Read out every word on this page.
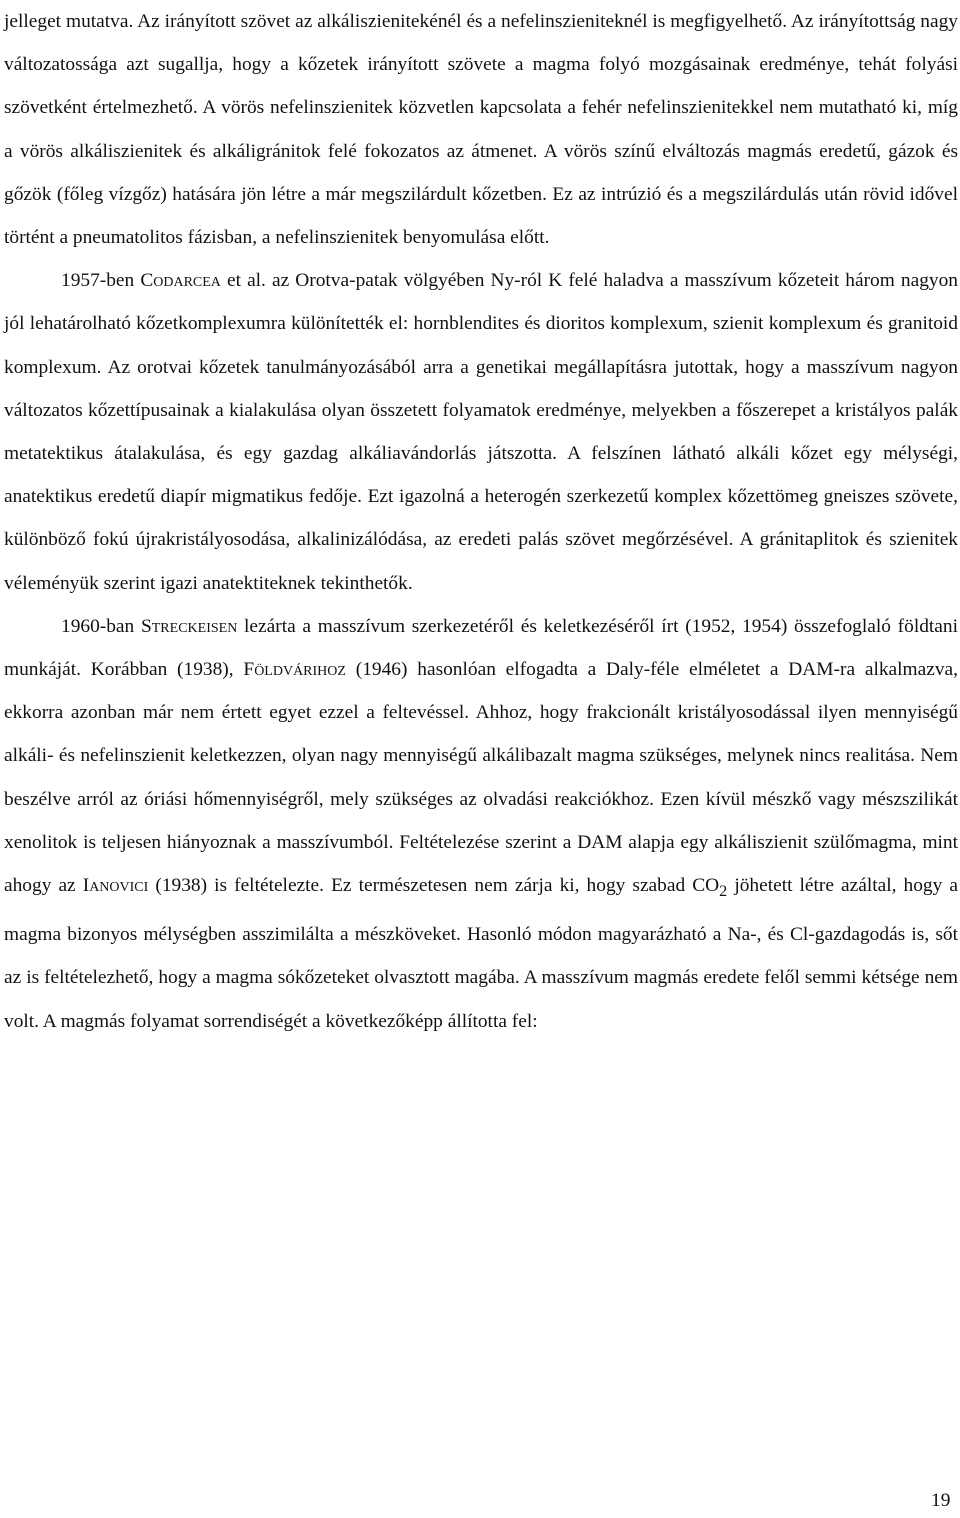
jelleget mutatva. Az irányított szövet az alkáliszienitekénél és a nefelinszieniteknél is megfigyelhető. Az irányítottság nagy változatossága azt sugallja, hogy a kőzetek irányított szövete a magma folyó mozgásainak eredménye, tehát folyási szövetként értelmezhető. A vörös nefelinszienitek közvetlen kapcsolata a fehér nefelinszienitekkel nem mutatható ki, míg a vörös alkáliszienitek és alkáligránitok felé fokozatos az átmenet. A vörös színű elváltozás magmás eredetű, gázok és gőzök (főleg vízgőz) hatására jön létre a már megszilárdult kőzetben. Ez az intrúzió és a megszilárdulás után rövid idővel történt a pneumatolitos fázisban, a nefelinszienitek benyomulása előtt.

1957-ben Codarcea et al. az Orotva-patak völgyében Ny-ról K felé haladva a masszívum kőzeteit három nagyon jól lehatárolható kőzetkomplexumra különítették el: hornblendites és dioritos komplexum, szienit komplexum és granitoid komplexum. Az orotvai kőzetek tanulmányozásából arra a genetikai megállapításra jutottak, hogy a masszívum nagyon változatos kőzettípusainak a kialakulása olyan összetett folyamatok eredménye, melyekben a főszerepet a kristályos palák metatektikus átalakulása, és egy gazdag alkáliavándorlás játszotta. A felszínen látható alkáli kőzet egy mélységi, anatektikus eredetű diapír migmatikus fedője. Ezt igazolná a heterogén szerkezetű komplex kőzettömeg gneiszes szövete, különböző fokú újrakristályosodása, alkalinizálódása, az eredeti palás szövet megőrzésével. A gránitaplitok és szienitek véleményük szerint igazi anatektiteknek tekinthetők.

1960-ban Streckeisen lezárta a masszívum szerkezetéről és keletkezéséről írt (1952, 1954) összefoglaló földtani munkáját. Korábban (1938), Földvárihoz (1946) hasonlóan elfogadta a Daly-féle elméletet a DAM-ra alkalmazva, ekkorra azonban már nem értett egyet ezzel a feltevéssel. Ahhoz, hogy frakcionált kristályosodással ilyen mennyiségű alkáli- és nefelinszienit keletkezzen, olyan nagy mennyiségű alkálibazalt magma szükséges, melynek nincs realitása. Nem beszélve arról az óriási hőmennyiségről, mely szükséges az olvadási reakciókhoz. Ezen kívül mészkő vagy mészszilikát xenolitok is teljesen hiányoznak a masszívumból. Feltételezése szerint a DAM alapja egy alkáliszienit szülőmagma, mint ahogy az Ianovici (1938) is feltételezte. Ez természetesen nem zárja ki, hogy szabad $CO_2$ jöhetett létre azáltal, hogy a magma bizonyos mélységben asszimilálta a mészköveket. Hasonló módon magyarázható a Na-, és Cl-gazdagodás is, sőt az is feltételezhető, hogy a magma sókőzeteket olvasztott magába. A masszívum magmás eredete felől semmi kétsége nem volt. A magmás folyamat sorrendiségét a következőképp állította fel:

19
